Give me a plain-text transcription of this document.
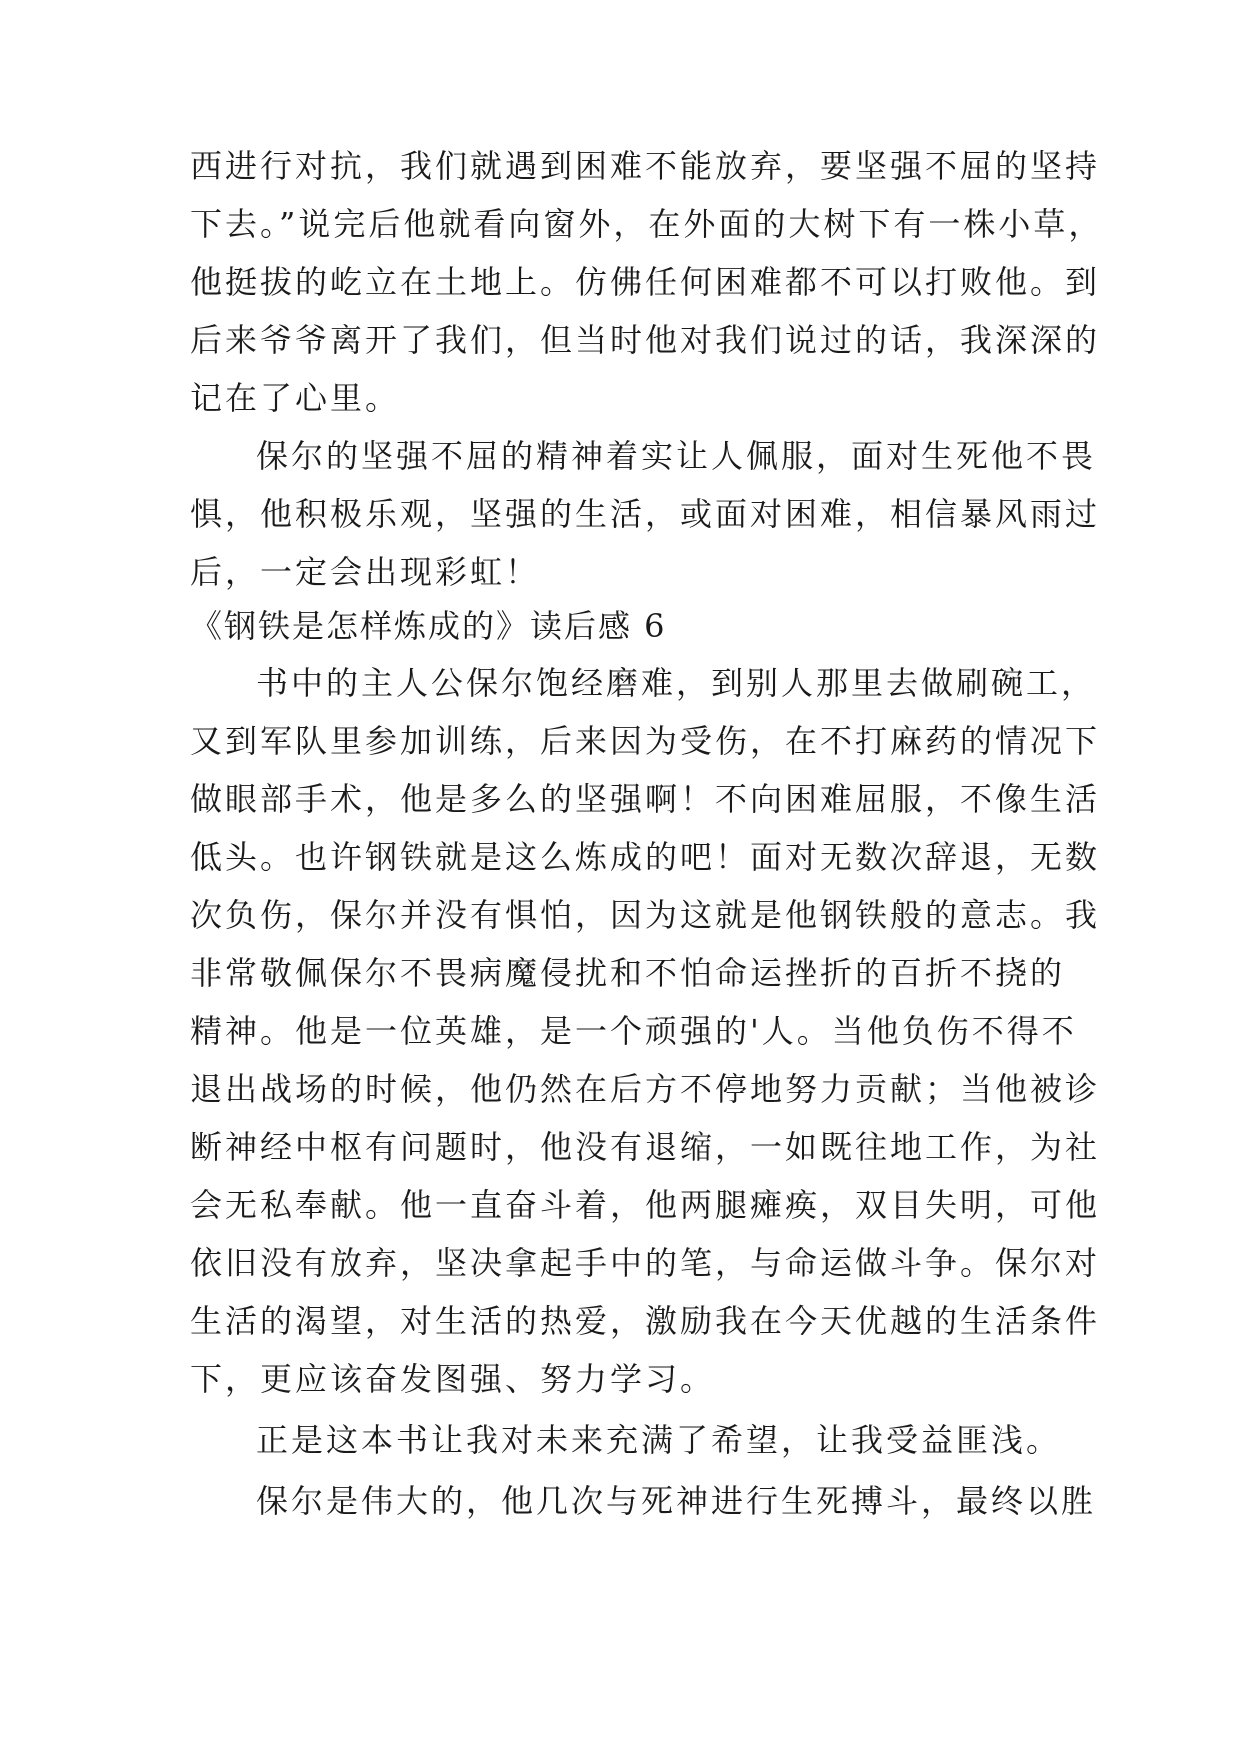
西进行对抗，我们就遇到困难不能放弃，要坚强不屈的坚持
下去。”说完后他就看向窗外，在外面的大树下有一株小草，
他挺拔的屹立在土地上。仿佛任何困难都不可以打败他。到
后来爷爷离开了我们，但当时他对我们说过的话，我深深的
记在了心里。
保尔的坚强不屈的精神着实让人佩服，面对生死他不畏
惧，他积极乐观，坚强的生活，或面对困难，相信暴风雨过
后，一定会出现彩虹！
《钢铁是怎样炼成的》读后感 6
书中的主人公保尔饱经磨难，到别人那里去做刷碗工，
又到军队里参加训练，后来因为受伤，在不打麻药的情况下
做眼部手术，他是多么的坚强啊！不向困难屈服，不像生活
低头。也许钢铁就是这么炼成的吧！面对无数次辞退，无数
次负伤，保尔并没有惧怕，因为这就是他钢铁般的意志。我
非常敬佩保尔不畏病魔侵扰和不怕命运挫折的百折不挠的
精神。他是一位英雄，是一个顽强的'人。当他负伤不得不
退出战场的时候，他仍然在后方不停地努力贡献；当他被诊
断神经中枢有问题时，他没有退缩，一如既往地工作，为社
会无私奉献。他一直奋斗着，他两腿瘫痪，双目失明，可他
依旧没有放弃，坚决拿起手中的笔，与命运做斗争。保尔对
生活的渴望，对生活的热爱，激励我在今天优越的生活条件
下，更应该奋发图强、努力学习。
正是这本书让我对未来充满了希望，让我受益匪浅。
保尔是伟大的，他几次与死神进行生死搏斗，最终以胜
